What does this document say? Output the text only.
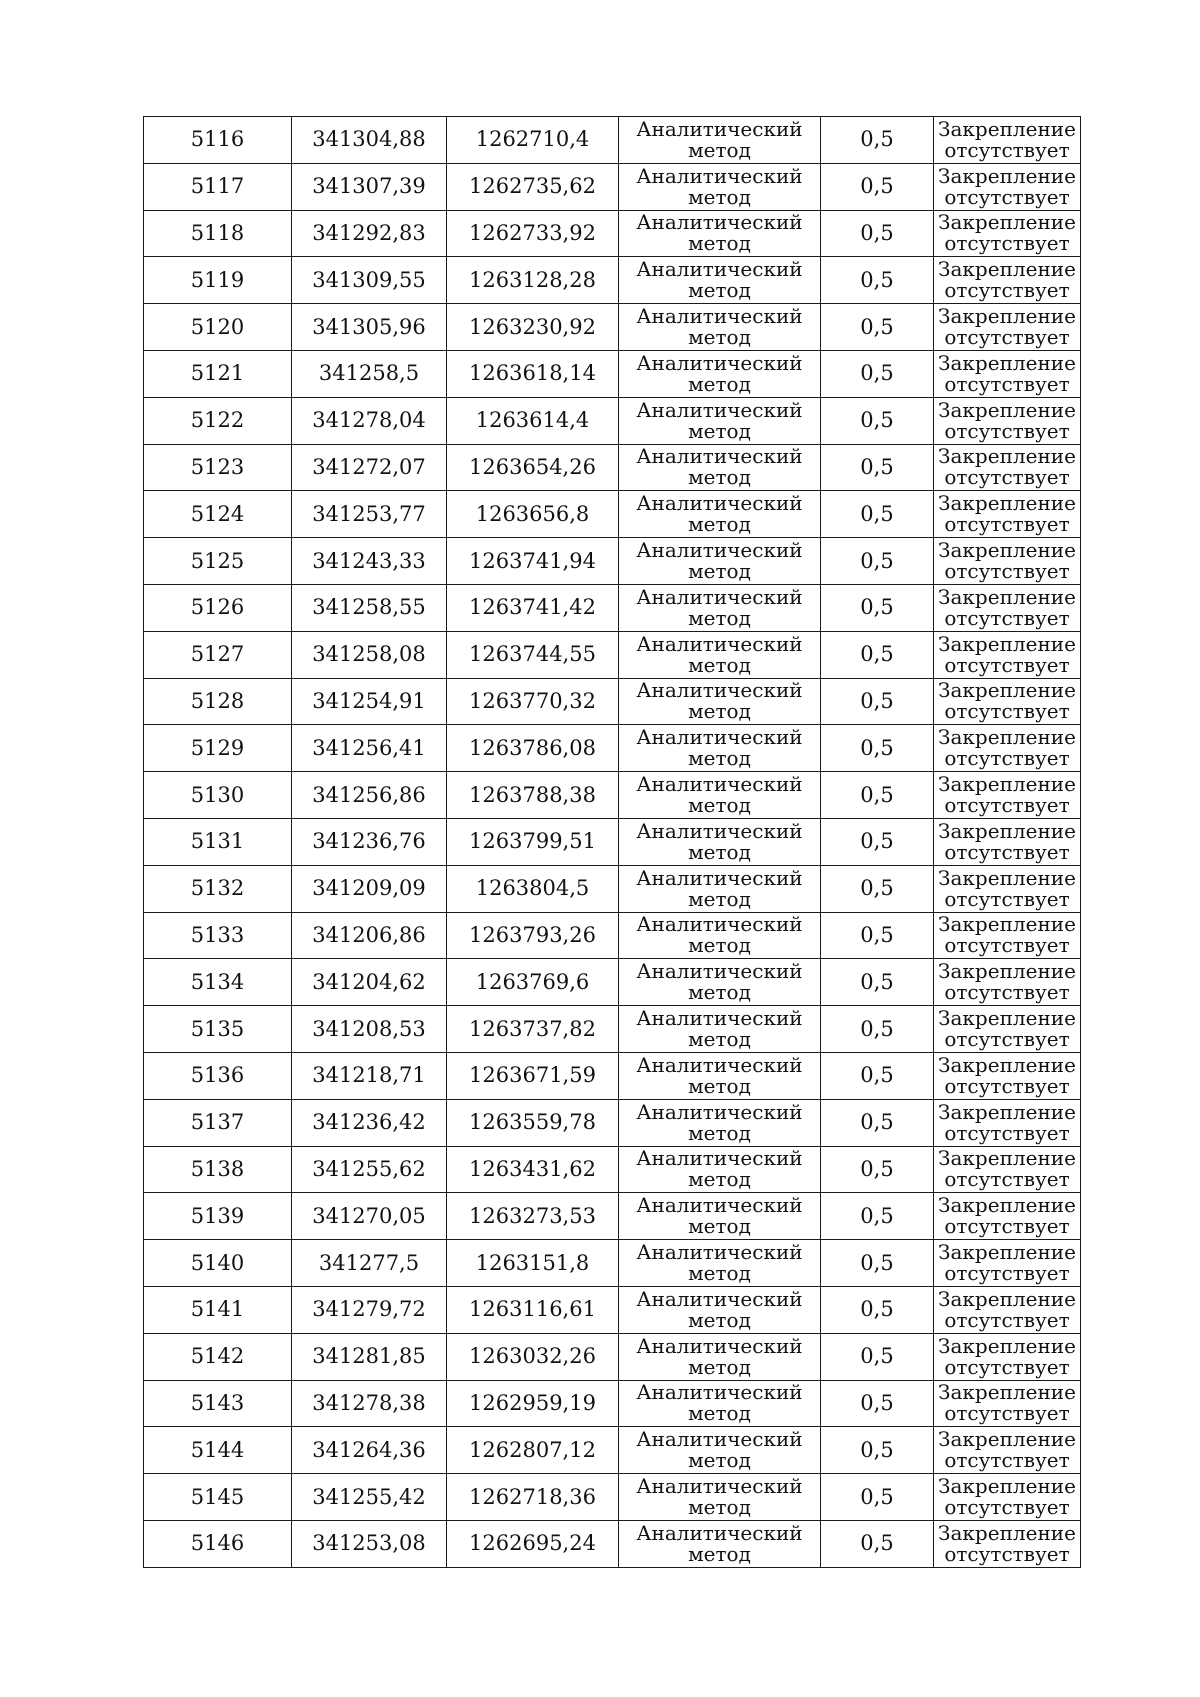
5116	341304,88	1262710,4	Аналитический
метод	0,5	Закрепление
отсутствует

5117	341307,39	1262735,62	Аналитический
метод	0,5	Закрепление
отсутствует

5118	341292,83	1262733,92	Аналитический
метод	0,5	Закрепление
отсутствует

5119	341309,55	1263128,28	Аналитический
метод	0,5	Закрепление
отсутствует

5120	341305,96	1263230,92	Аналитический
метод	0,5	Закрепление
отсутствует

5121	341258,5	1263618,14	Аналитический
метод	0,5	Закрепление
отсутствует

5122	341278,04	1263614,4	Аналитический
метод	0,5	Закрепление
отсутствует

5123	341272,07	1263654,26	Аналитический
метод	0,5	Закрепление
отсутствует

5124	341253,77	1263656,8	Аналитический
метод	0,5	Закрепление
отсутствует

5125	341243,33	1263741,94	Аналитический
метод	0,5	Закрепление
отсутствует

5126	341258,55	1263741,42	Аналитический
метод	0,5	Закрепление
отсутствует

5127	341258,08	1263744,55	Аналитический
метод	0,5	Закрепление
отсутствует

5128	341254,91	1263770,32	Аналитический
метод	0,5	Закрепление
отсутствует

5129	341256,41	1263786,08	Аналитический
метод	0,5	Закрепление
отсутствует

5130	341256,86	1263788,38	Аналитический
метод	0,5	Закрепление
отсутствует

5131	341236,76	1263799,51	Аналитический
метод	0,5	Закрепление
отсутствует

5132	341209,09	1263804,5	Аналитический
метод	0,5	Закрепление
отсутствует

5133	341206,86	1263793,26	Аналитический
метод	0,5	Закрепление
отсутствует

5134	341204,62	1263769,6	Аналитический
метод	0,5	Закрепление
отсутствует

5135	341208,53	1263737,82	Аналитический
метод	0,5	Закрепление
отсутствует

5136	341218,71	1263671,59	Аналитический
метод	0,5	Закрепление
отсутствует

5137	341236,42	1263559,78	Аналитический
метод	0,5	Закрепление
отсутствует

5138	341255,62	1263431,62	Аналитический
метод	0,5	Закрепление
отсутствует

5139	341270,05	1263273,53	Аналитический
метод	0,5	Закрепление
отсутствует

5140	341277,5	1263151,8	Аналитический
метод	0,5	Закрепление
отсутствует

5141	341279,72	1263116,61	Аналитический
метод	0,5	Закрепление
отсутствует

5142	341281,85	1263032,26	Аналитический
метод	0,5	Закрепление
отсутствует

5143	341278,38	1262959,19	Аналитический
метод	0,5	Закрепление
отсутствует

5144	341264,36	1262807,12	Аналитический
метод	0,5	Закрепление
отсутствует

5145	341255,42	1262718,36	Аналитический
метод	0,5	Закрепление
отсутствует

5146	341253,08	1262695,24	Аналитический
метод	0,5	Закрепление
отсутствует
